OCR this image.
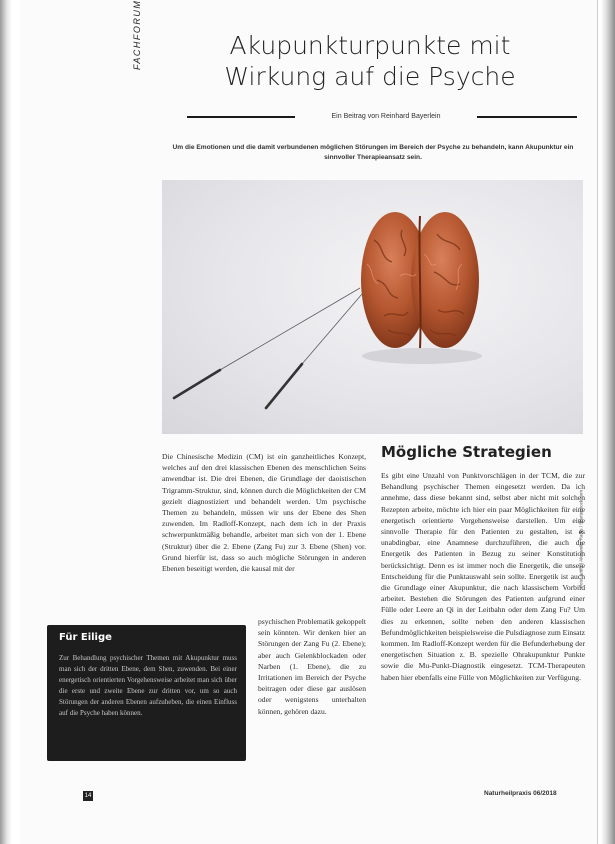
FACHFORUM	Akupunkturpunkte mit
Wirkung auf die Psyche
Ein Beitrag von Reinhard Bayerlein
Um die Emotionen und die damit verbundenen möglichen Störungen im Bereich der Psyche zu behandeln, kann Akupunktur ein sinnvoller Therapieansatz sein.
Foto: Artifix | Alexander Raths / Shutterstock.com
Die Chinesische Medizin (CM) ist ein ganzheitliches Konzept, welches auf den drei klassischen Ebenen des menschlichen Seins anwendbar ist. Die drei Ebenen, die Grundlage der daoistischen Trigramm-Struktur, sind, können durch die Möglichkeiten der CM gezielt diagnostiziert und behandelt werden. Um psychische Themen zu behandeln, müssen wir uns der Ebene des Shen zuwenden. Im Radloff-Konzept, nach dem ich in der Praxis schwerpunktmäßig behandle, arbeitet man sich von der 1. Ebene (Struktur) über die 2. Ebene (Zang Fu) zur 3. Ebene (Shen) vor. Grund hierfür ist, dass so auch mögliche Störungen in anderen Ebenen beseitigt werden, die kausal mit der
psychischen Problematik gekoppelt sein könnten. Wir denken hier an Störungen der Zang Fu (2. Ebene); aber auch Gelenkblockaden oder Narben (1. Ebene), die zu Irritationen im Bereich der Psyche beitragen oder diese gar auslösen oder wenigstens unterhalten können, gehören dazu.
Mögliche Strategien
Es gibt eine Unzahl von Punktvorschlägen in der TCM, die zur Behandlung psychischer Themen eingesetzt werden. Da ich annehme, dass diese bekannt sind, selbst aber nicht mit solchen Rezepten arbeite, möchte ich hier ein paar Möglichkeiten für eine energetisch orientierte Vorgehensweise darstellen. Um eine sinnvolle Therapie für den Patienten zu gestalten, ist es unabdingbar, eine Anamnese durchzuführen, die auch die Energetik des Patienten in Bezug zu seiner Konstitution berücksichtigt. Denn es ist immer noch die Energetik, die unsere Entscheidung für die Punktauswahl sein sollte. Energetik ist auch die Grundlage einer Akupunktur, die nach klassischem Vorbild arbeitet. Bestehen die Störungen des Patienten aufgrund einer Fülle oder Leere an Qi in der Leitbahn oder dem Zang Fu? Um dies zu erkennen, sollte neben den anderen klassischen Befundmöglichkeiten beispielsweise die Pulsdiagnose zum Einsatz kommen. Im Radloff-Konzept werden für die Befunderhebung der energetischen Situation z. B. spezielle Ohrakupunktur Punkte sowie die Mu-Punkt-Diagnostik eingesetzt. TCM-Therapeuten haben hier ebenfalls eine Fülle von Möglichkeiten zur Verfügung.
Für Eilige
Zur Behandlung psychischer Themen mit Akupunktur muss man sich der dritten Ebene, dem Shen, zuwenden. Bei einer energetisch orientierten Vorgehensweise arbeitet man sich über die erste und zweite Ebene zur dritten vor, um so auch Störungen der anderen Ebenen aufzuheben, die einen Einfluss auf die Psyche haben können.
14	Naturheilpraxis 06/2018
